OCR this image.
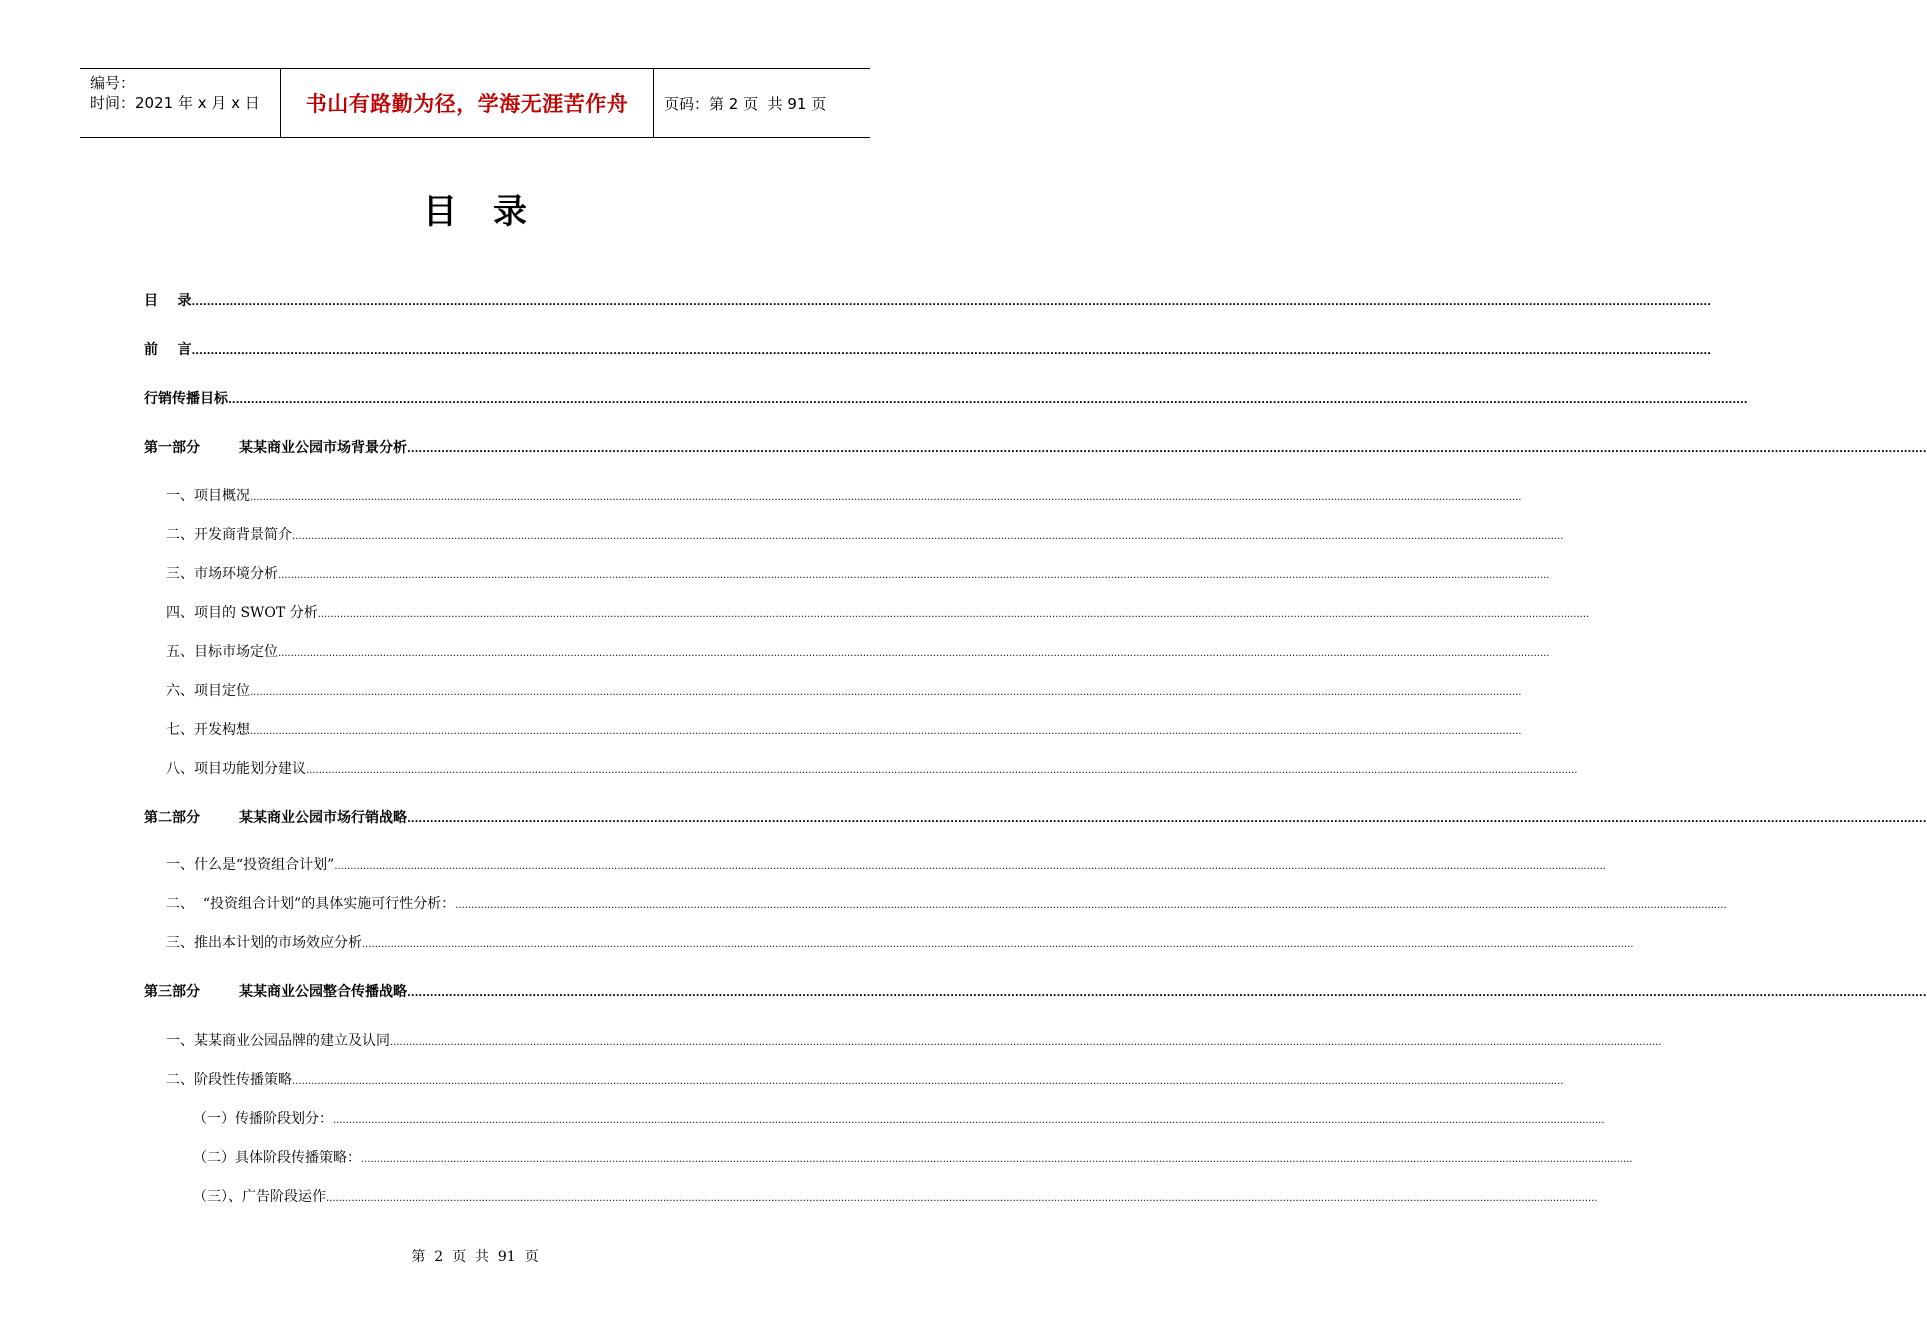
编号：
时间：2021 年 x 月 x 日	书山有路勤为径，学海无涯苦作舟	页码：第 2 页  共 91 页
目录
目    录 ................................................................................................................................................................................................................................................................................................................................................................................................................
前    言 ................................................................................................................................................................................................................................................................................................................................................................................................................
行销传播目标 ................................................................................................................................................................................................................................................................................................................................................................................................................
第一部分        某某商业公园市场背景分析 ................................................................................................................................................................................................................................................................................................................................................................................................................
一、项目概况 ................................................................................................................................................................................................................................................................................................................................................................................................................
二、开发商背景简介 ................................................................................................................................................................................................................................................................................................................................................................................................................
三、市场环境分析 ................................................................................................................................................................................................................................................................................................................................................................................................................
四、项目的 SWOT 分析 ................................................................................................................................................................................................................................................................................................................................................................................................................
五、目标市场定位 ................................................................................................................................................................................................................................................................................................................................................................................................................
六、项目定位 ................................................................................................................................................................................................................................................................................................................................................................................................................
七、开发构想 ................................................................................................................................................................................................................................................................................................................................................................................................................
八、项目功能划分建议 ................................................................................................................................................................................................................................................................................................................................................................................................................
第二部分        某某商业公园市场行销战略 ................................................................................................................................................................................................................................................................................................................................................................................................................
一、什么是“投资组合计划” ................................................................................................................................................................................................................................................................................................................................................................................................................
二、  “投资组合计划”的具体实施可行性分析： ................................................................................................................................................................................................................................................................................................................................................................................................................
三、推出本计划的市场效应分析 ................................................................................................................................................................................................................................................................................................................................................................................................................
第三部分        某某商业公园整合传播战略 ................................................................................................................................................................................................................................................................................................................................................................................................................
一、某某商业公园品牌的建立及认同 ................................................................................................................................................................................................................................................................................................................................................................................................................
二、阶段性传播策略 ................................................................................................................................................................................................................................................................................................................................................................................................................
（一）传播阶段划分： ................................................................................................................................................................................................................................................................................................................................................................................................................
（二）具体阶段传播策略： ................................................................................................................................................................................................................................................................................................................................................................................................................
（三）、广告阶段运作 ................................................................................................................................................................................................................................................................................................................................................................................................................
第  2  页  共  91  页
